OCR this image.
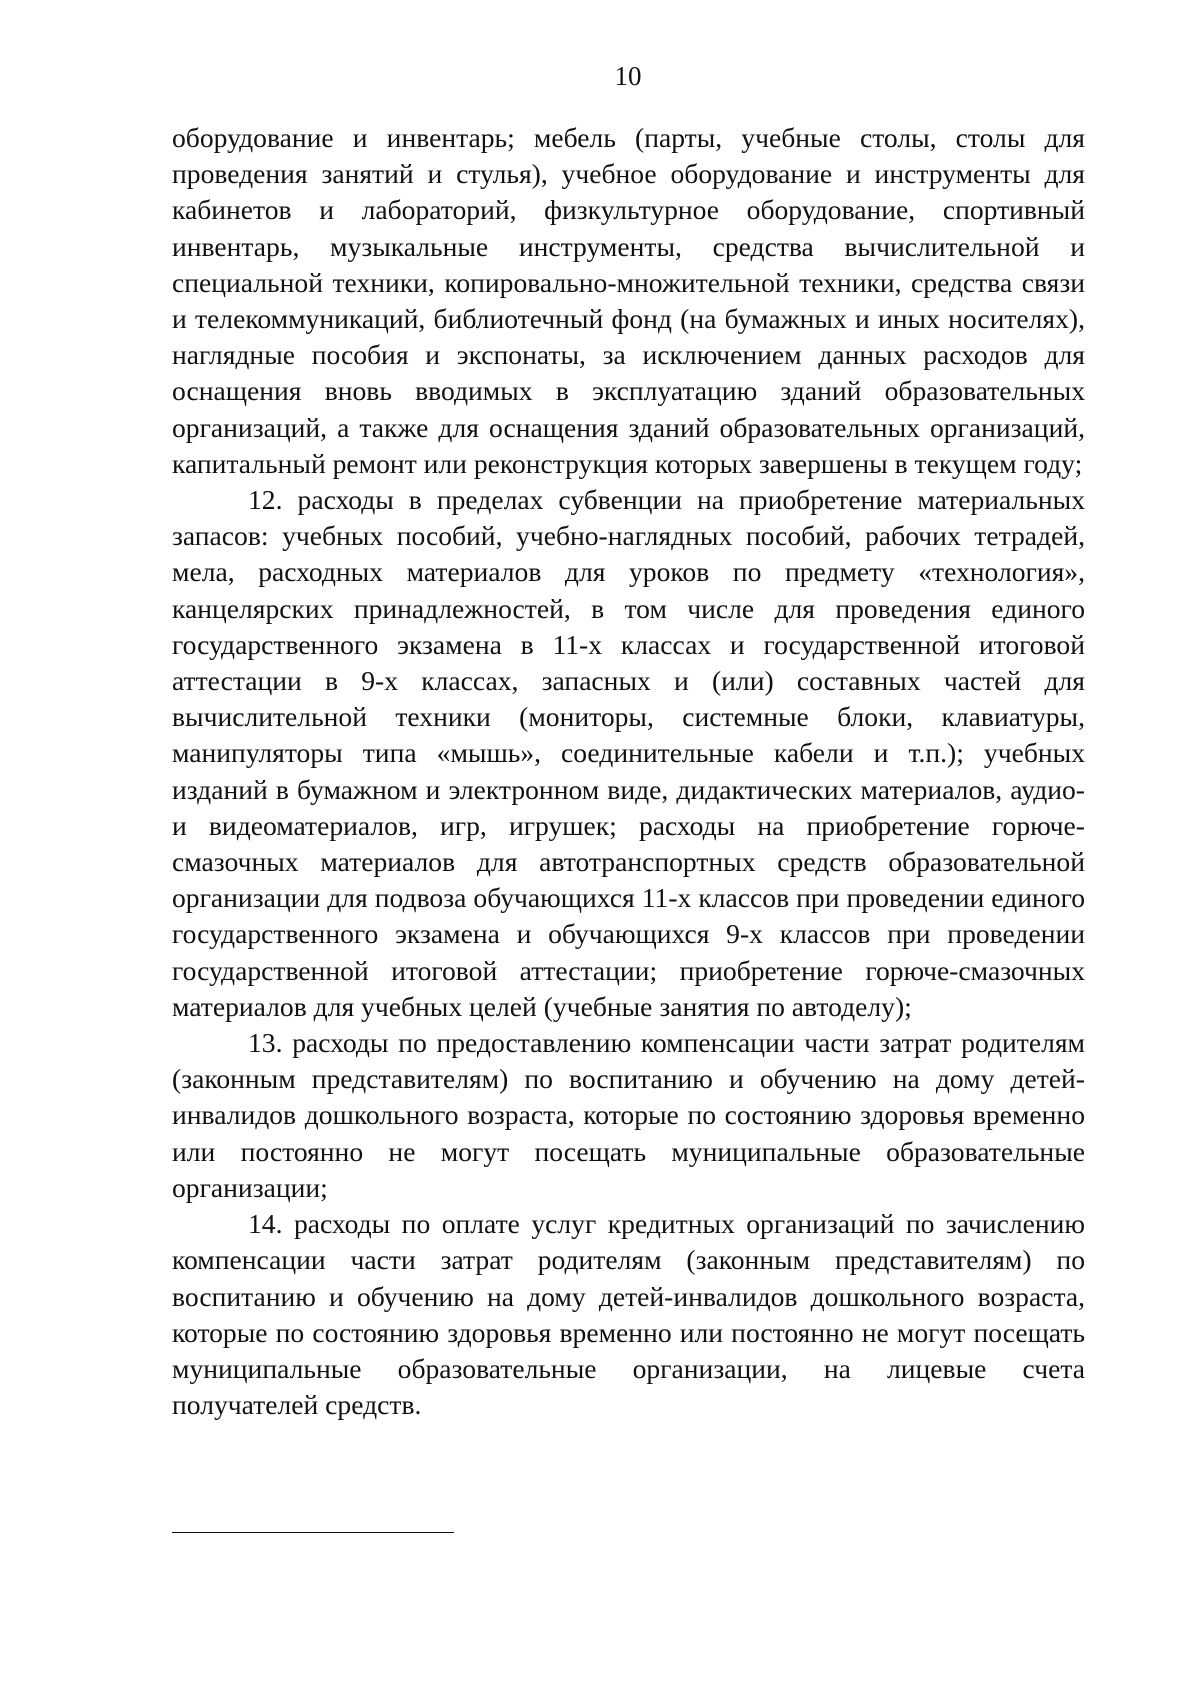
10

оборудование и инвентарь; мебель (парты, учебные столы, столы для проведения занятий и стулья), учебное оборудование и инструменты для кабинетов и лабораторий, физкультурное оборудование, спортивный инвентарь, музыкальные инструменты, средства вычислительной и специальной техники, копировально-множительной техники, средства связи и телекоммуникаций, библиотечный фонд (на бумажных и иных носителях), наглядные пособия и экспонаты, за исключением данных расходов для оснащения вновь вводимых в эксплуатацию зданий образовательных организаций, а также для оснащения зданий образовательных организаций, капитальный ремонт или реконструкция которых завершены в текущем году;

12. расходы в пределах субвенции на приобретение материальных запасов: учебных пособий, учебно-наглядных пособий, рабочих тетрадей, мела, расходных материалов для уроков по предмету «технология», канцелярских принадлежностей, в том числе для проведения единого государственного экзамена в 11-х классах и государственной итоговой аттестации в 9-х классах, запасных и (или) составных частей для вычислительной техники (мониторы, системные блоки, клавиатуры, манипуляторы типа «мышь», соединительные кабели и т.п.); учебных изданий в бумажном и электронном виде, дидактических материалов, аудио- и видеоматериалов, игр, игрушек; расходы на приобретение горюче-смазочных материалов для автотранспортных средств образовательной организации для подвоза обучающихся 11-х классов при проведении единого государственного экзамена и обучающихся 9-х классов при проведении государственной итоговой аттестации; приобретение горюче-смазочных материалов для учебных целей (учебные занятия по автоделу);

13. расходы по предоставлению компенсации части затрат родителям (законным представителям) по воспитанию и обучению на дому детей-инвалидов дошкольного возраста, которые по состоянию здоровья временно или постоянно не могут посещать муниципальные образовательные организации;

14. расходы по оплате услуг кредитных организаций по зачислению компенсации части затрат родителям (законным представителям) по воспитанию и обучению на дому детей-инвалидов дошкольного возраста, которые по состоянию здоровья временно или постоянно не могут посещать муниципальные образовательные организации, на лицевые счета получателей средств.
